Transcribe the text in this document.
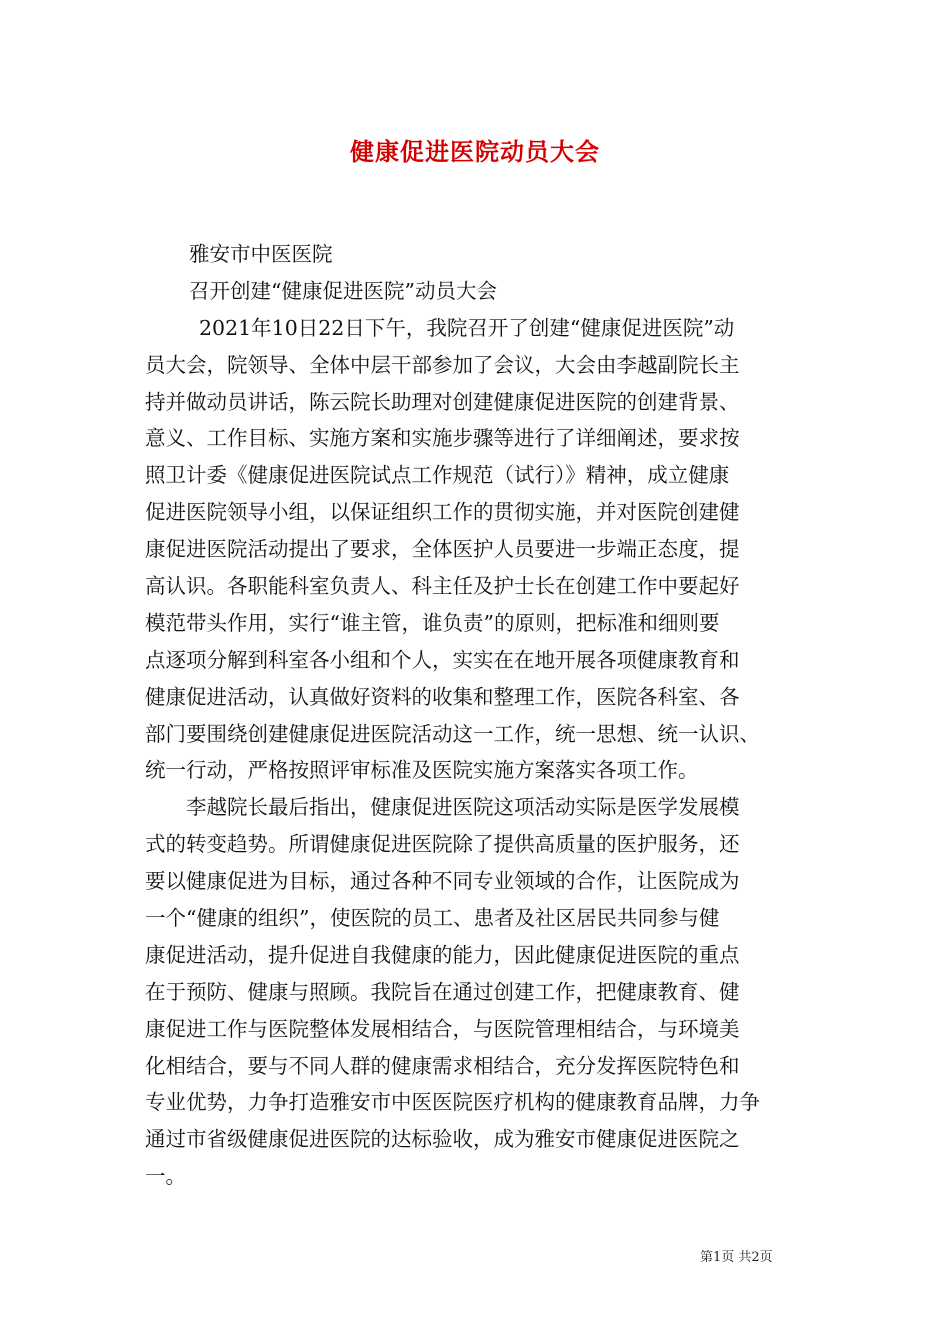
健康促进医院动员大会
雅安市中医医院
召开创建“健康促进医院”动员大会
2021年10日22日下午，我院召开了创建“健康促进医院”动
员大会，院领导、全体中层干部参加了会议，大会由李越副院长主
持并做动员讲话，陈云院长助理对创建健康促进医院的创建背景、
意义、工作目标、实施方案和实施步骤等进行了详细阐述，要求按
照卫计委《健康促进医院试点工作规范（试行）》精神，成立健康
促进医院领导小组，以保证组织工作的贯彻实施，并对医院创建健
康促进医院活动提出了要求，全体医护人员要进一步端正态度，提
高认识。各职能科室负责人、科主任及护士长在创建工作中要起好
模范带头作用，实行“谁主管，谁负责”的原则，把标准和细则要
点逐项分解到科室各小组和个人，实实在在地开展各项健康教育和
健康促进活动，认真做好资料的收集和整理工作，医院各科室、各
部门要围绕创建健康促进医院活动这一工作，统一思想、统一认识、
统一行动，严格按照评审标准及医院实施方案落实各项工作。
李越院长最后指出，健康促进医院这项活动实际是医学发展模
式的转变趋势。所谓健康促进医院除了提供高质量的医护服务，还
要以健康促进为目标，通过各种不同专业领域的合作，让医院成为
一个“健康的组织”，使医院的员工、患者及社区居民共同参与健
康促进活动，提升促进自我健康的能力，因此健康促进医院的重点
在于预防、健康与照顾。我院旨在通过创建工作，把健康教育、健
康促进工作与医院整体发展相结合，与医院管理相结合，与环境美
化相结合，要与不同人群的健康需求相结合，充分发挥医院特色和
专业优势，力争打造雅安市中医医院医疗机构的健康教育品牌，力争
通过市省级健康促进医院的达标验收，成为雅安市健康促进医院之
一。
第1页 共2页
